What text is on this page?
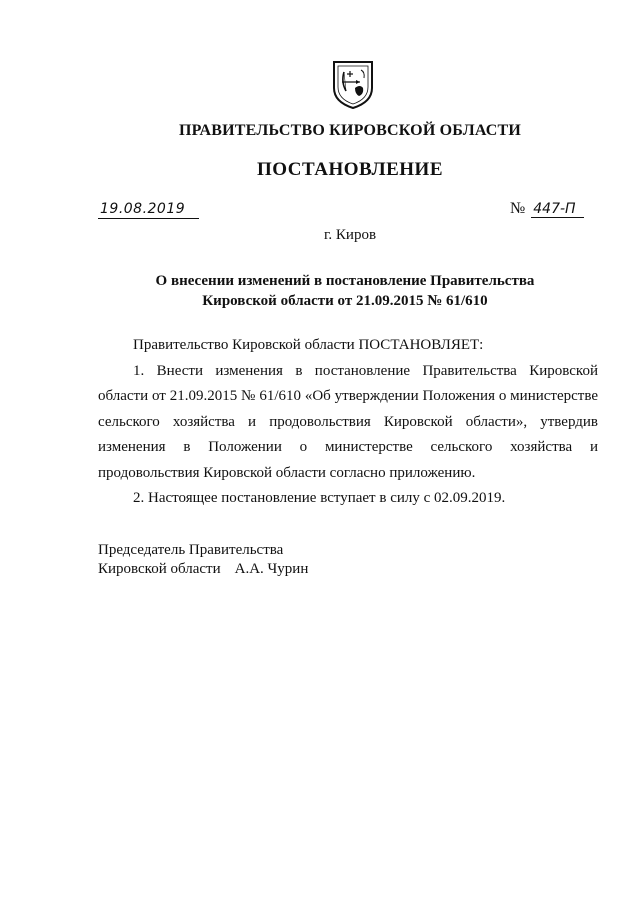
ПРАВИТЕЛЬСТВО КИРОВСКОЙ ОБЛАСТИ
ПОСТАНОВЛЕНИЕ
19.08.2019	№ 447-П
г. Киров
О внесении изменений в постановление Правительства Кировской области от 21.09.2015 № 61/610

Правительство Кировской области ПОСТАНОВЛЯЕТ:

1. Внести изменения в постановление Правительства Кировской области от 21.09.2015 № 61/610 «Об утверждении Положения о министерстве сельского хозяйства и продовольствия Кировской области», утвердив изменения в Положении о министерстве сельского хозяйства и продовольствия Кировской области согласно приложению.

2. Настоящее постановление вступает в силу с 02.09.2019.

Председатель Правительства
Кировской области А.А. Чурин
